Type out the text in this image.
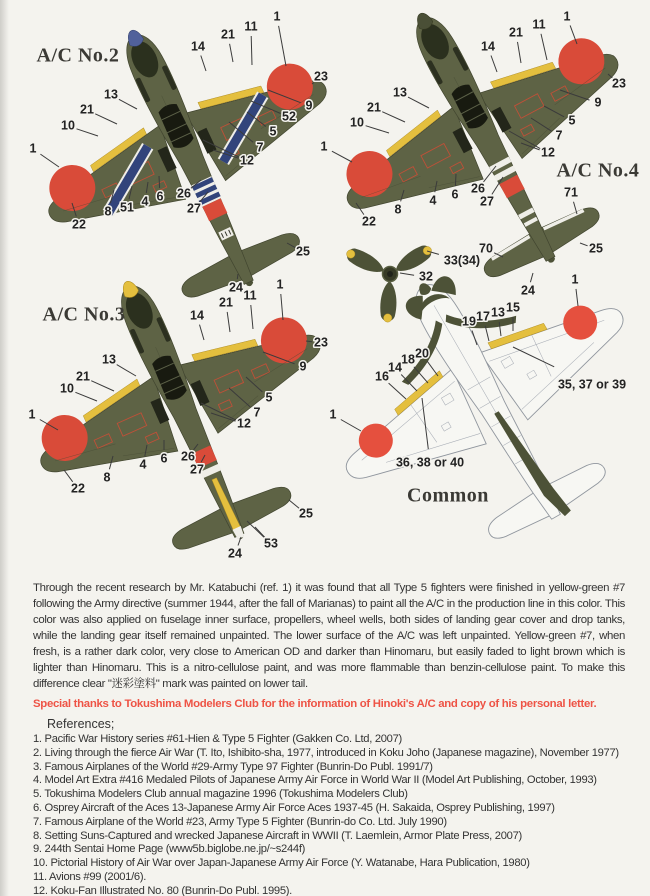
1
11
21
14
23
9
52
5
7
12
13
21
10
1
22
8 51 4 6 26
27
25
24
A/C No.2
1
11
21
14
23
9
5
7
12
13
21
10
1
22
8
4 6 26
27
71
25
70
24
A/C No.4
33(34)
32
1
11
21
14
23
9
5
7
12
13
21
10
1
22
8
4 6 26
27
25
53
24
A/C No.3
1
15
13
17
19
35, 37 or 39
20
18
14
16
1
36, 38 or 40
Common

Through the recent research by Mr. Katabuchi (ref. 1) it was found that all Type 5 fighters were finished in yellow-green #7 following the Army directive (summer 1944, after the fall of Marianas) to paint all the A/C in the production line in this color. This color was also applied on fuselage inner surface, propellers, wheel wells, both sides of landing gear cover and drop tanks, while the landing gear itself remained unpainted. The lower surface of the A/C was left unpainted. Yellow-green #7, when fresh, is a rather dark color, very close to American OD and darker than Hinomaru, but easily faded to light brown which is lighter than Hinomaru. This is a nitro-cellulose paint, and was more flammable than benzin-cellulose paint. To make this difference clear "迷彩塗料" mark was painted on lower tail.

Special thanks to Tokushima Modelers Club for the information of Hinoki's A/C and copy of his personal letter.

References;
1. Pacific War History series #61-Hien & Type 5 Fighter (Gakken Co. Ltd, 2007)
2. Living through the fierce Air War (T. Ito, Ishibito-sha, 1977, introduced in Koku Joho (Japanese magazine), November 1977)
3. Famous Airplanes of the World #29-Army Type 97 Fighter (Bunrin-Do Publ. 1991/7)
4. Model Art Extra #416 Medaled Pilots of Japanese Army Air Force in World War II (Model Art Publishing, October, 1993)
5. Tokushima Modelers Club annual magazine 1996 (Tokushima Modelers Club)
6. Osprey Aircraft of the Aces 13-Japanese Army Air Force Aces 1937-45 (H. Sakaida, Osprey Publishing, 1997)
7. Famous Airplane of the World #23, Army Type 5 Fighter (Bunrin-do Co. Ltd. July 1990)
8. Setting Suns-Captured and wrecked Japanese Aircraft in WWII (T. Laemlein, Armor Plate Press, 2007)
9. 244th Sentai Home Page (www5b.biglobe.ne.jp/~s244f)
10. Pictorial History of Air War over Japan-Japanese Army Air Force (Y. Watanabe, Hara Publication, 1980)
11. Avions #99 (2001/6).
12. Koku-Fan Illustrated No. 80 (Bunrin-Do Publ. 1995).
